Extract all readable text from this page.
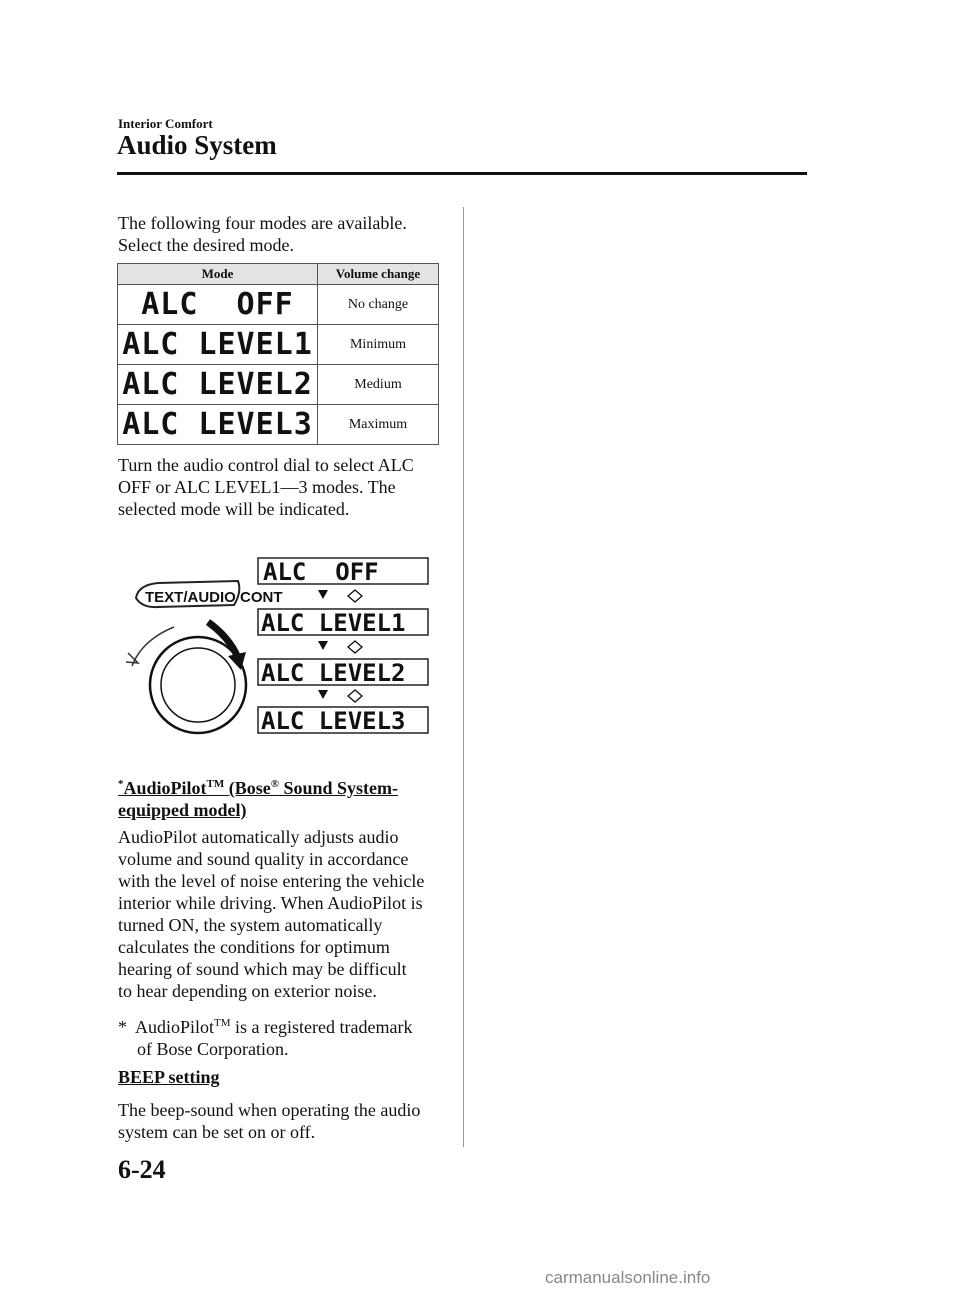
Interior Comfort
Audio System
The following four modes are available.
Select the desired mode.
Mode	Volume change
ALC  OFF	No change
ALC LEVEL1	Minimum
ALC LEVEL2	Medium
ALC LEVEL3	Maximum
Turn the audio control dial to select ALC
OFF or ALC LEVEL1―3 modes. The
selected mode will be indicated.
TEXT/AUDIO CONT
ALC  OFF
ALC LEVEL1
ALC LEVEL2
ALC LEVEL3
*AudioPilot™ (Bose® Sound System-
equipped model)
AudioPilot automatically adjusts audio
volume and sound quality in accordance
with the level of noise entering the vehicle
interior while driving. When AudioPilot is
turned ON, the system automatically
calculates the conditions for optimum
hearing of sound which may be difficult
to hear depending on exterior noise.
*  AudioPilot™ is a registered trademark
of Bose Corporation.
BEEP setting
The beep-sound when operating the audio
system can be set on or off.
6-24
carmanualsonline.info
